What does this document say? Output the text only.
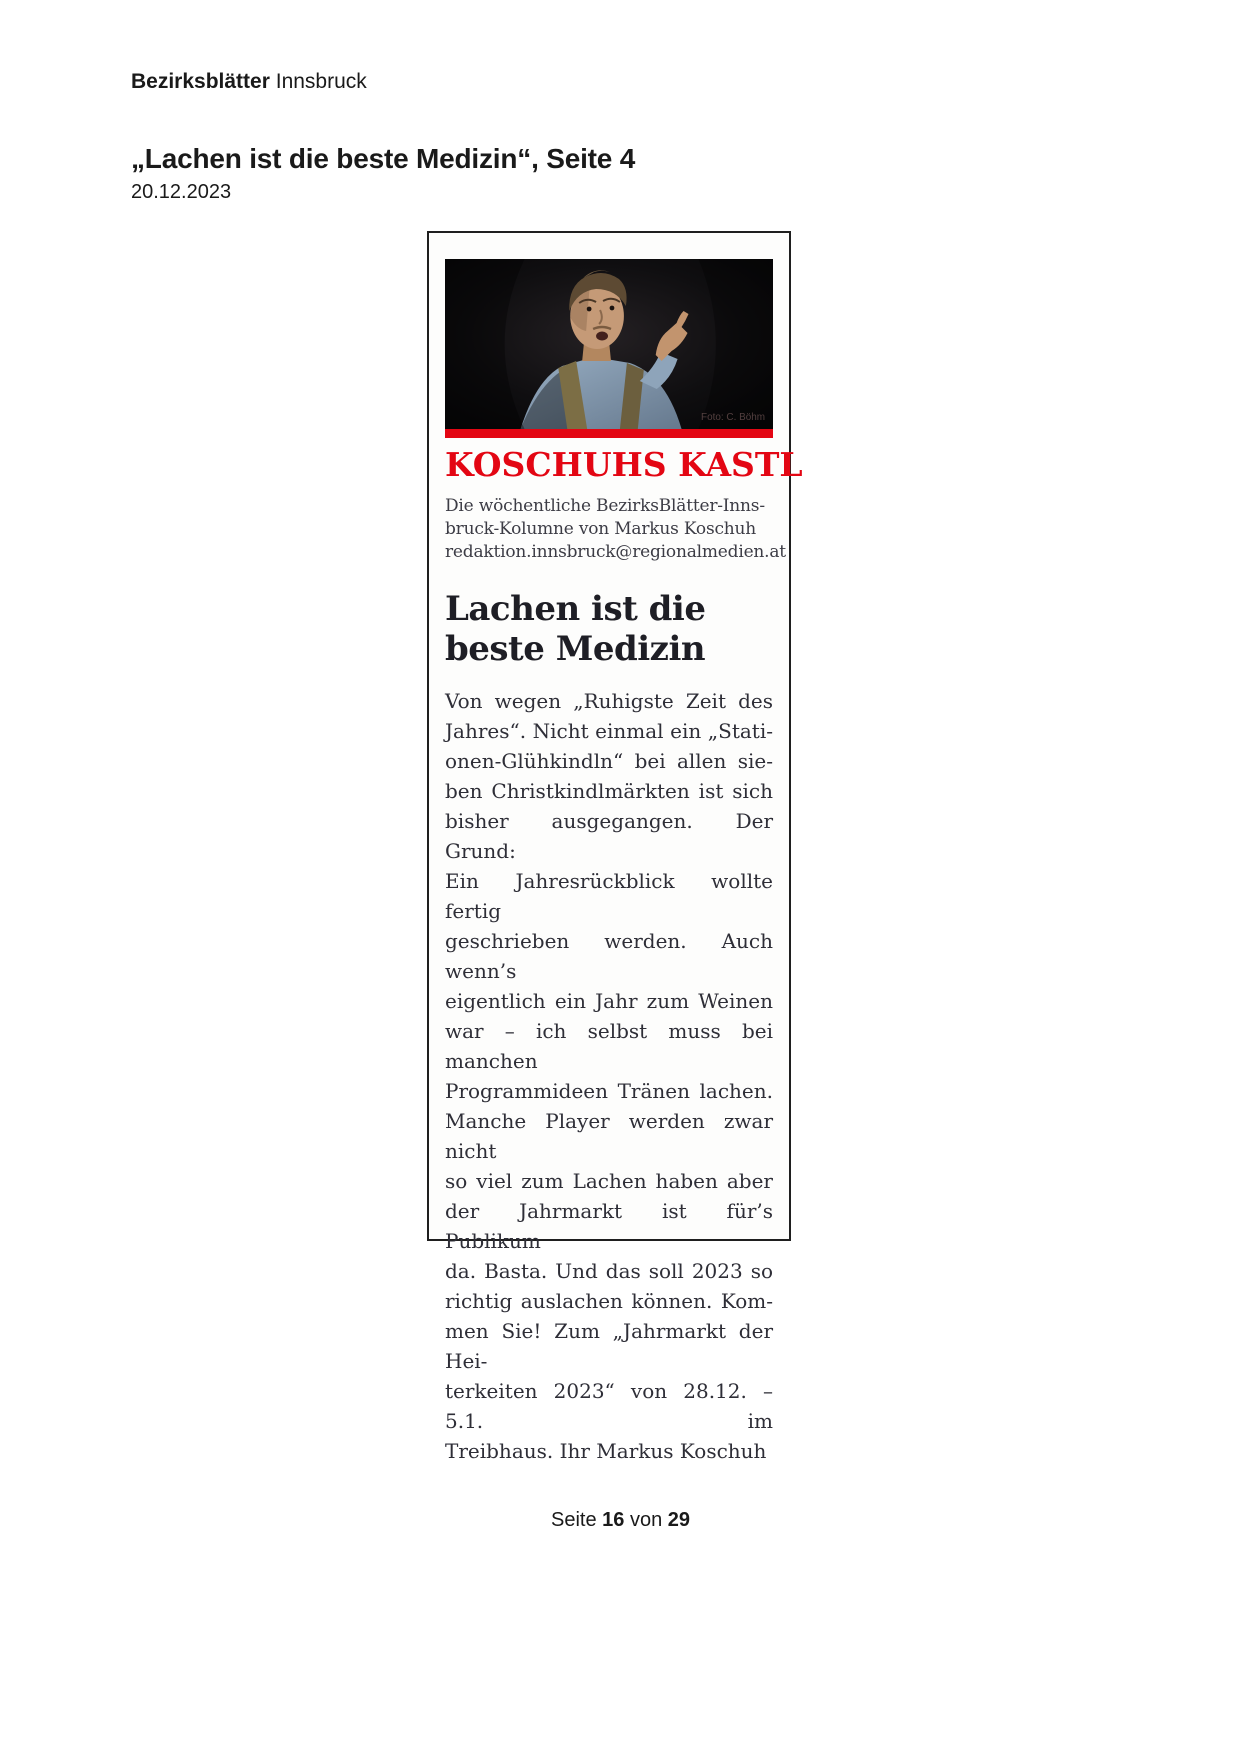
Bezirksblätter Innsbruck
„Lachen ist die beste Medizin“, Seite 4
20.12.2023
Foto: C. Böhm
KOSCHUHS KASTL
Die wöchentliche BezirksBlätter-Inns-
bruck-Kolumne von Markus Koschuh
redaktion.innsbruck@regionalmedien.at
Lachen ist die
beste Medizin
Von wegen „Ruhigste Zeit des
Jahres“. Nicht einmal ein „Stati-
onen-Glühkindln“ bei allen sie-
ben Christkindlmärkten ist sich
bisher ausgegangen. Der Grund:
Ein Jahresrückblick wollte fertig
geschrieben werden. Auch wenn’s
eigentlich ein Jahr zum Weinen
war – ich selbst muss bei manchen
Programmideen Tränen lachen.
Manche Player werden zwar nicht
so viel zum Lachen haben aber
der Jahrmarkt ist für’s Publikum
da. Basta. Und das soll 2023 so
richtig auslachen können. Kom-
men Sie! Zum „Jahrmarkt der Hei-
terkeiten 2023“ von 28.12. – 5.1. im
Treibhaus. Ihr Markus Koschuh
Seite 16 von 29
